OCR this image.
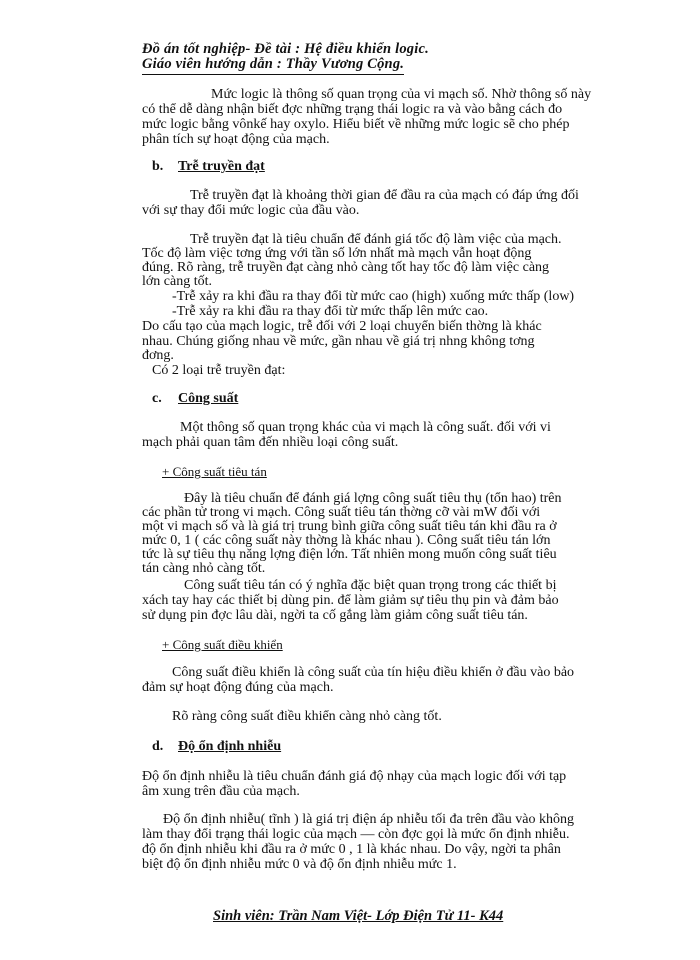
Đồ án tốt nghiệp- Đề tài : Hệ điều khiển logic.
Giáo viên hướng dẫn : Thầy Vương Cộng.
Mức logic là thông số quan trọng của vi mạch số. Nhờ thông số này
có thể dễ dàng nhận biết đợc những trạng thái logic ra và vào bằng cách đo
mức logic bằng vônkế hay oxylo. Hiểu biết về những mức logic sẽ cho phép
phân tích sự hoạt động của mạch.
b. Trễ truyền đạt
Trễ truyền đạt là khoảng thời gian để đầu ra của mạch có đáp ứng đối
với sự thay đổi mức logic của đầu vào.
Trễ truyền đạt là tiêu chuẩn để đánh giá tốc độ làm việc của mạch.
Tốc độ làm việc tơng ứng với tần số lớn nhất mà mạch vẫn hoạt động
đúng. Rõ ràng, trễ truyền đạt càng nhỏ càng tốt hay tốc độ làm việc càng
lớn càng tốt.
-Trễ xảy ra khi đầu ra thay đổi từ mức cao (high) xuống mức thấp (low)
-Trễ xảy ra khi đầu ra thay đổi từ mức thấp lên mức cao.
Do cấu tạo của mạch logic, trễ đối với 2 loại chuyển biến thờng là khác
nhau. Chúng giống nhau về mức, gần nhau về giá trị nhng không tơng
đơng.
Có 2 loại trễ truyền đạt:
c. Công suất
Một thông số quan trọng khác của vi mạch là công suất. đối với vi
mạch phải quan tâm đến nhiều loại công suất.
+ Công suất tiêu tán
Đây là tiêu chuẩn để đánh giá lợng công suất tiêu thụ (tổn hao) trên
các phần tử trong vi mạch. Công suất tiêu tán thờng cỡ vài mW đối với
một vi mạch số và là giá trị trung bình giữa công suất tiêu tán khi đầu ra ở
mức 0, 1 ( các công suất này thờng là khác nhau ). Công suất tiêu tán lớn
tức là sự tiêu thụ năng lợng điện lớn. Tất nhiên mong muốn công suất tiêu
tán càng nhỏ càng tốt.
Công suất tiêu tán có ý nghĩa đặc biệt quan trọng trong các thiết bị
xách tay hay các thiết bị dùng pin. để làm giảm sự tiêu thụ pin và đảm bảo
sử dụng pin đợc lâu dài, ngời ta cố gắng làm giảm công suất tiêu tán.
+ Công suất điều khiển
Công suất điều khiển là công suất của tín hiệu điều khiển ở đầu vào bảo
đảm sự hoạt động đúng của mạch.
Rõ ràng công suất điều khiển càng nhỏ càng tốt.
d. Độ ổn định nhiễu
Độ ổn định nhiễu là tiêu chuẩn đánh giá độ nhạy của mạch logic đối với tạp
âm xung trên đầu của mạch.
Độ ổn định nhiễu( tĩnh ) là giá trị điện áp nhiễu tối đa trên đầu vào không
làm thay đổi trạng thái logic của mạch — còn đợc gọi là mức ổn định nhiễu.
độ ổn định nhiễu khi đầu ra ở mức 0 , 1 là khác nhau. Do vậy, ngời ta phân
biệt độ ổn định nhiễu mức 0 và độ ổn định nhiễu mức 1.
Sinh viên: Trần Nam Việt- Lớp Điện Tử 11- K44
